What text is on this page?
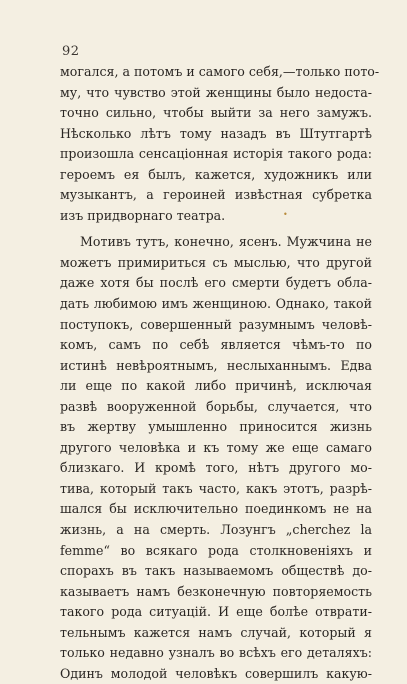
92
могался, а потомъ и самого себя,—только пото-
му, что чувство этой женщины было недоста-
точно сильно, чтобы выйти за него замужъ.
Нѣсколько лѣтъ тому назадъ въ Штутгартѣ
произошла сенсаціонная исторія такого рода:
героемъ ея былъ, кажется, художникъ или
музыкантъ, а героиней извѣстная субретка
изъ придворнаго театра.
Мотивъ тутъ, конечно, ясенъ. Мужчина не
можетъ примириться съ мыслью, что другой
даже хотя бы послѣ его смерти будетъ обла-
дать любимою имъ женщиною. Однако, такой
поступокъ, совершенный разумнымъ человѣ-
комъ, самъ по себѣ является чѣмъ-то по
истинѣ невѣроятнымъ, неслыханнымъ. Едва
ли еще по какой либо причинѣ, исключая
развѣ вооруженной борьбы, случается, что
въ жертву умышленно приносится жизнь
другого человѣка и къ тому же еще самаго
близкаго. И кромѣ того, нѣтъ другого мо-
тива, который такъ часто, какъ этотъ, разрѣ-
шался бы исключительно поединкомъ не на
жизнь, а на смерть. Лозунгъ „cherchez la
femme“ во всякаго рода столкновеніяхъ и
спорахъ въ такъ называемомъ обществѣ до-
казываетъ намъ безконечную повторяемость
такого рода ситуацій. И еще болѣе отврати-
тельнымъ кажется намъ случай, который я
только недавно узналъ во всѣхъ его деталяхъ:
Одинъ молодой человѣкъ совершилъ какую-
•
